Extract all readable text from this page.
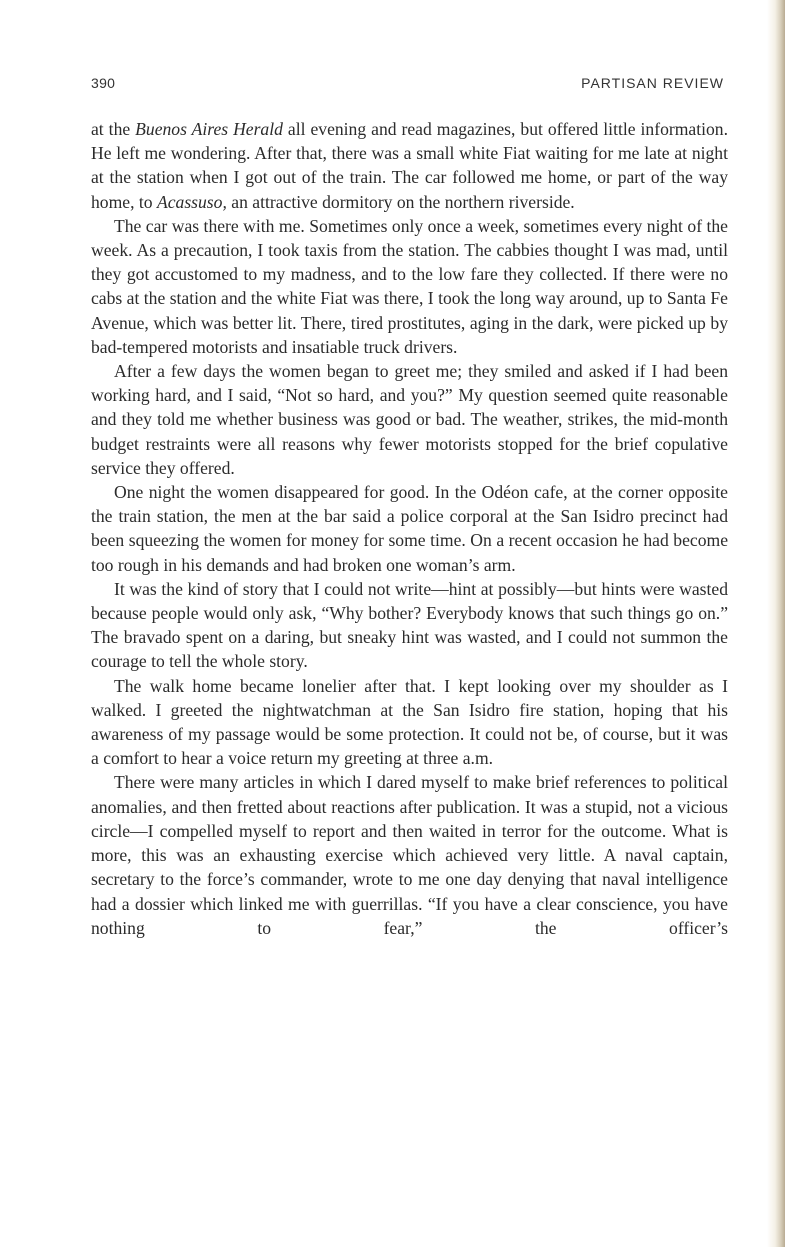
390	PARTISAN REVIEW

at the Buenos Aires Herald all evening and read magazines, but offered little information. He left me wondering. After that, there was a small white Fiat waiting for me late at night at the station when I got out of the train. The car followed me home, or part of the way home, to Acassuso, an attractive dormitory on the northern riverside.

The car was there with me. Sometimes only once a week, sometimes every night of the week. As a precaution, I took taxis from the station. The cabbies thought I was mad, until they got accustomed to my madness, and to the low fare they collected. If there were no cabs at the station and the white Fiat was there, I took the long way around, up to Santa Fe Avenue, which was better lit. There, tired prostitutes, aging in the dark, were picked up by bad-tempered motorists and insatiable truck drivers.

After a few days the women began to greet me; they smiled and asked if I had been working hard, and I said, “Not so hard, and you?” My question seemed quite reasonable and they told me whether business was good or bad. The weather, strikes, the mid-month budget restraints were all reasons why fewer motorists stopped for the brief copulative service they offered.

One night the women disappeared for good. In the Odéon cafe, at the corner opposite the train station, the men at the bar said a police corporal at the San Isidro precinct had been squeezing the women for money for some time. On a recent occasion he had become too rough in his demands and had broken one woman’s arm.

It was the kind of story that I could not write—hint at possibly—but hints were wasted because people would only ask, “Why bother? Everybody knows that such things go on.” The bravado spent on a daring, but sneaky hint was wasted, and I could not summon the courage to tell the whole story.

The walk home became lonelier after that. I kept looking over my shoulder as I walked. I greeted the nightwatchman at the San Isidro fire station, hoping that his awareness of my passage would be some protection. It could not be, of course, but it was a comfort to hear a voice return my greeting at three a.m.

There were many articles in which I dared myself to make brief references to political anomalies, and then fretted about reactions after publication. It was a stupid, not a vicious circle—I compelled myself to report and then waited in terror for the outcome. What is more, this was an exhausting exercise which achieved very little. A naval captain, secretary to the force’s commander, wrote to me one day denying that naval intelligence had a dossier which linked me with guerrillas. “If you have a clear conscience, you have nothing to fear,” the officer’s
